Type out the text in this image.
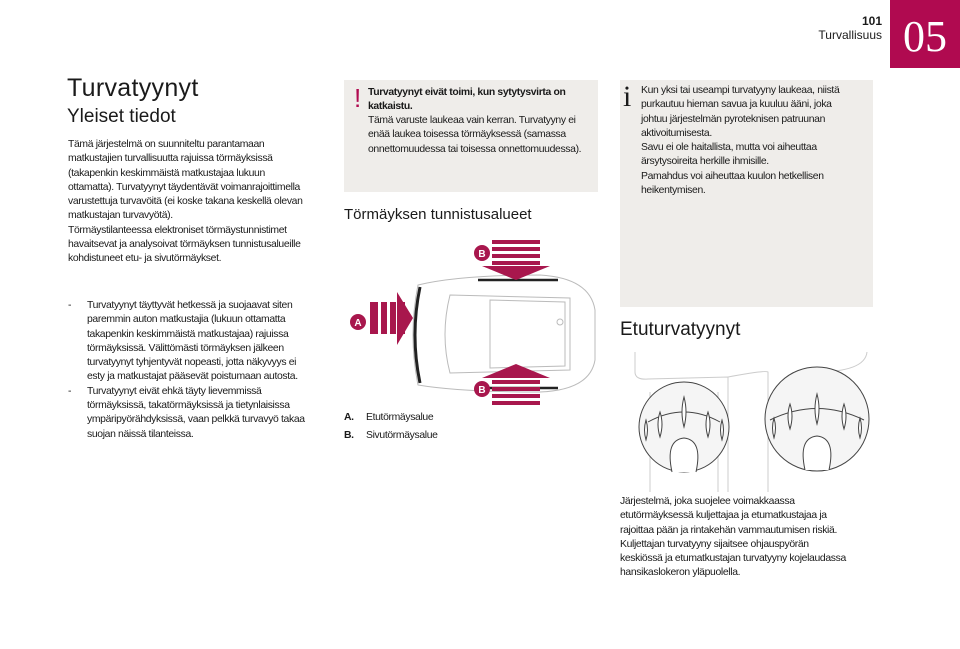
05
101
Turvallisuus
Turvatyynyt
Yleiset tiedot
Tämä järjestelmä on suunniteltu parantamaan
matkustajien turvallisuutta rajuissa törmäyksissä
(takapenkin keskimmäistä matkustajaa lukuun
ottamatta). Turvatyynyt täydentävät voimanrajoittimella
varustettuja turvavöitä (ei koske takana keskellä olevan
matkustajan turvavyötä).
Törmäystilanteessa elektroniset törmäystunnistimet
havaitsevat ja analysoivat törmäyksen tunnistusalueille
kohdistuneet etu- ja sivutörmäykset.
- Turvatyynyt täyttyvät hetkessä ja suojaavat siten
paremmin auton matkustajia (lukuun ottamatta
takapenkin keskimmäistä matkustajaa) rajuissa
törmäyksissä. Välittömästi törmäyksen jälkeen
turvatyynyt tyhjentyvät nopeasti, jotta näkyvyys ei
esty ja matkustajat pääsevät poistumaan autosta.
- Turvatyynyt eivät ehkä täyty lievemmissä
törmäyksissä, takatörmäyksissä ja tietynlaisissa
ympäripyörähdyksissä, vaan pelkkä turvavyö takaa
suojan näissä tilanteissa.
! Turvatyynyt eivät toimi, kun sytytysvirta on
katkaistu.
Tämä varuste laukeaa vain kerran. Turvatyyny ei
enää laukea toisessa törmäyksessä (samassa
onnettomuudessa tai toisessa onnettomuudessa).
Törmäyksen tunnistusalueet
A
B
B
A. Etutörmäysalue
B. Sivutörmäysalue
i Kun yksi tai useampi turvatyyny laukeaa, niistä
purkautuu hieman savua ja kuuluu ääni, joka
johtuu järjestelmän pyroteknisen patruunan
aktivoitumisesta.
Savu ei ole haitallista, mutta voi aiheuttaa
ärsytysoireita herkille ihmisille.
Pamahdus voi aiheuttaa kuulon hetkellisen
heikentymisen.
Etuturvatyynyt
Järjestelmä, joka suojelee voimakkaassa
etutörmäyksessä kuljettajaa ja etumatkustajaa ja
rajoittaa pään ja rintakehän vammautumisen riskiä.
Kuljettajan turvatyyny sijaitsee ohjauspyörän
keskiössä ja etumatkustajan turvatyyny kojelaudassa
hansikaslokeron yläpuolella.
